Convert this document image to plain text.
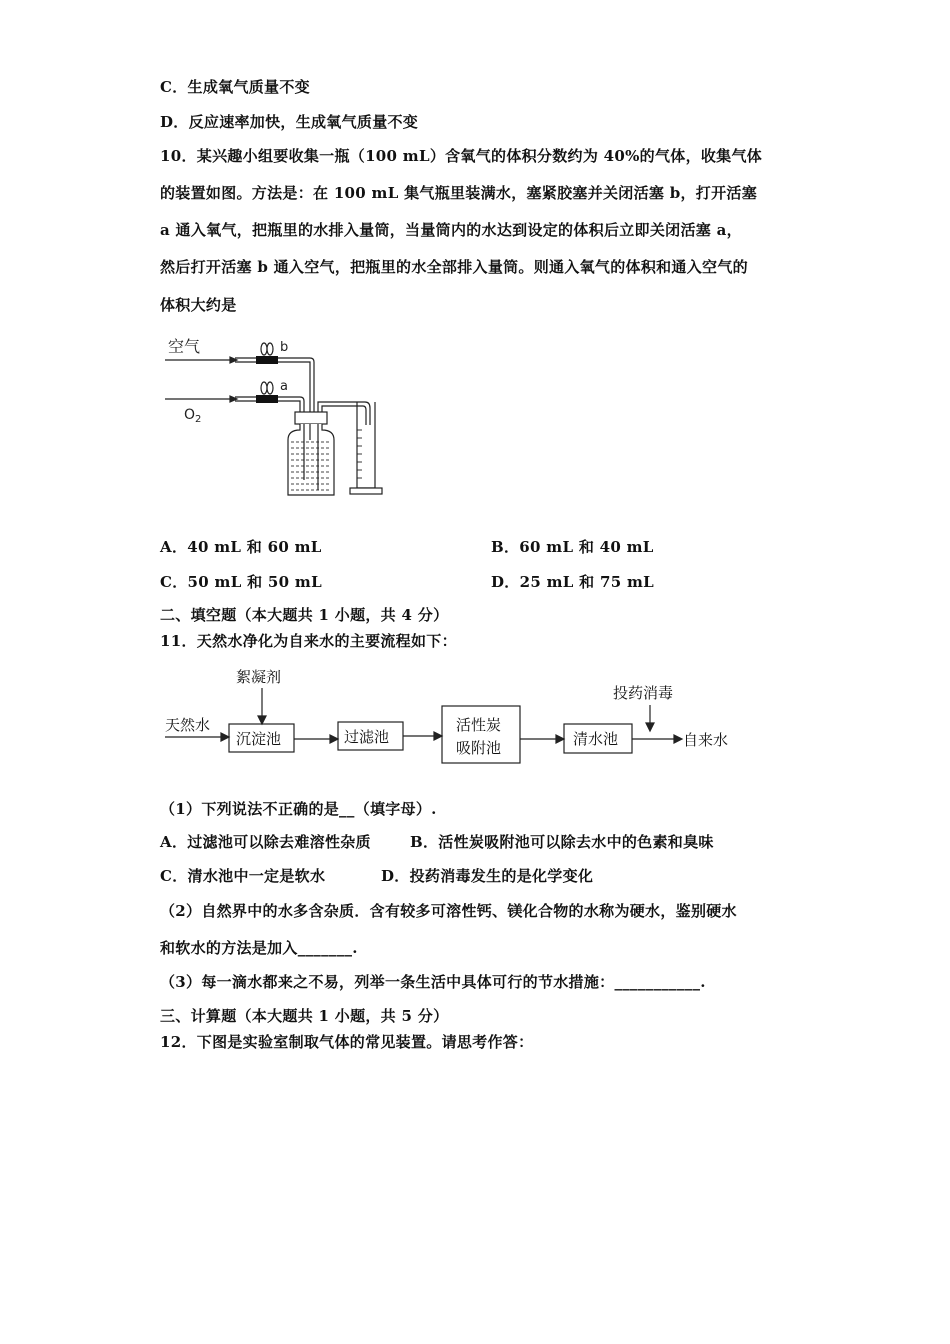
C．生成氧气质量不变
D．反应速率加快，生成氧气质量不变
10．某兴趣小组要收集一瓶（100 mL）含氧气的体积分数约为 40%的气体，收集气体
的装置如图。方法是：在 100 mL 集气瓶里装满水，塞紧胶塞并关闭活塞 b，打开活塞
a 通入氧气，把瓶里的水排入量筒，当量筒内的水达到设定的体积后立即关闭活塞 a，
然后打开活塞 b 通入空气，把瓶里的水全部排入量筒。则通入氧气的体积和通入空气的
体积大约是
空气
$O_2$
b
a
A．40 mL 和 60 mL	B．60 mL 和 40 mL
C．50 mL 和 50 mL	D．25 mL 和 75 mL
二、填空题（本大题共 1 小题，共 4 分）
11．天然水净化为自来水的主要流程如下：
絮凝剂
天然水
投药消毒
自来水
沉淀池	过滤池
活性炭
吸附池	清水池
（1）下列说法不正确的是__（填字母）.
A．过滤池可以除去难溶性杂质	B．活性炭吸附池可以除去水中的色素和臭味
C．清水池中一定是软水	D．投药消毒发生的是化学变化
（2）自然界中的水多含杂质．含有较多可溶性钙、镁化合物的水称为硬水，鉴别硬水
和软水的方法是加入_______.
（3）每一滴水都来之不易，列举一条生活中具体可行的节水措施：___________.
三、计算题（本大题共 1 小题，共 5 分）
12．下图是实验室制取气体的常见装置。请思考作答：
